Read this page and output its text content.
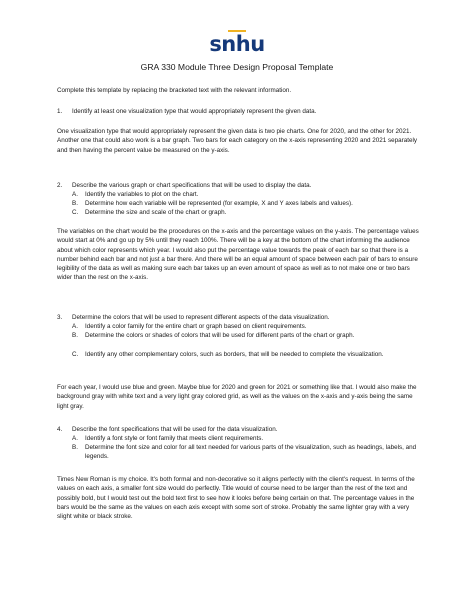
snhu
GRA 330 Module Three Design Proposal Template
Complete this template by replacing the bracketed text with the relevant information.
1. Identify at least one visualization type that would appropriately represent the given data.
One visualization type that would appropriately represent the given data is two pie charts. One for 2020, and the other for 2021. Another one that could also work is a bar graph. Two bars for each category on the x-axis representing 2020 and 2021 separately and then having the percent value be measured on the y-axis.
2. Describe the various graph or chart specifications that will be used to display the data.
A. Identify the variables to plot on the chart.
B. Determine how each variable will be represented (for example, X and Y axes labels and values).
C. Determine the size and scale of the chart or graph.
The variables on the chart would be the procedures on the x-axis and the percentage values on the y-axis. The percentage values would start at 0% and go up by 5% until they reach 100%. There will be a key at the bottom of the chart informing the audience about which color represents which year. I would also put the percentage value towards the peak of each bar so that there is a number behind each bar and not just a bar there. And there will be an equal amount of space between each pair of bars to ensure legibility of the data as well as making sure each bar takes up an even amount of space as well as to not make one or two bars wider than the rest on the x-axis.
3. Determine the colors that will be used to represent different aspects of the data visualization.
A. Identify a color family for the entire chart or graph based on client requirements.
B. Determine the colors or shades of colors that will be used for different parts of the chart or graph.
C. Identify any other complementary colors, such as borders, that will be needed to complete the visualization.
For each year, I would use blue and green. Maybe blue for 2020 and green for 2021 or something like that. I would also make the background gray with white text and a very light gray colored grid, as well as the values on the x-axis and y-axis being the same light gray.
4. Describe the font specifications that will be used for the data visualization.
A. Identify a font style or font family that meets client requirements.
B. Determine the font size and color for all text needed for various parts of the visualization, such as headings, labels, and legends.
Times New Roman is my choice. It's both formal and non-decorative so it aligns perfectly with the client's request. In terms of the values on each axis, a smaller font size would do perfectly. Title would of course need to be larger than the rest of the text and possibly bold, but I would test out the bold text first to see how it looks before being certain on that. The percentage values in the bars would be the same as the values on each axis except with some sort of stroke. Probably the same lighter gray with a very slight white or black stroke.
